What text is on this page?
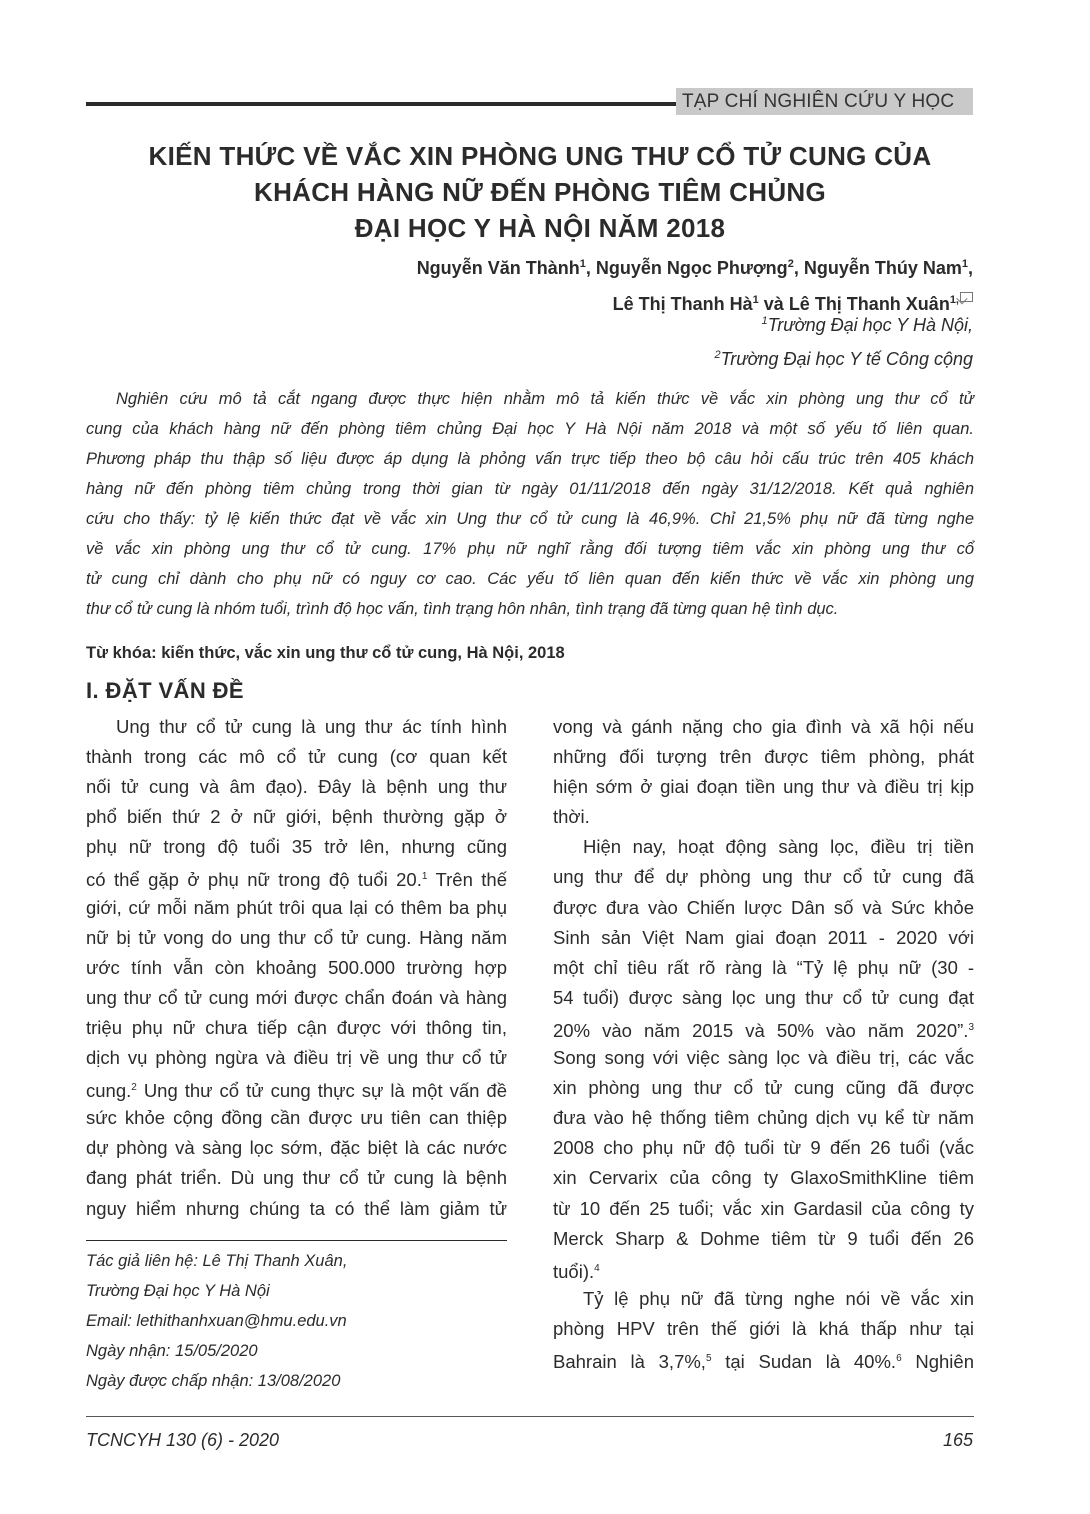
TẠP CHÍ NGHIÊN CỨU Y HỌC
KIẾN THỨC VỀ VẮC XIN PHÒNG UNG THƯ CỔ TỬ CUNG CỦA
KHÁCH HÀNG NỮ ĐẾN PHÒNG TIÊM CHỦNG
ĐẠI HỌC Y HÀ NỘI NĂM 2018
Nguyễn Văn Thành$^1$, Nguyễn Ngọc Phượng$^2$, Nguyễn Thúy Nam$^1$,
Lê Thị Thanh $Hà^1$ và Lê Thị Thanh Xuân$^{1,}$
$^1$Trường Đại học Y Hà Nội,
$^2$Trường Đại học Y tế Công cộng
Nghiên cứu mô tả cắt ngang được thực hiện nhằm mô tả kiến thức về vắc xin phòng ung thư cổ tử
cung của khách hàng nữ đến phòng tiêm chủng Đại học Y Hà Nội năm 2018 và một số yếu tố liên quan.
Phương pháp thu thập số liệu được áp dụng là phỏng vấn trực tiếp theo bộ câu hỏi cấu trúc trên 405 khách
hàng nữ đến phòng tiêm chủng trong thời gian từ ngày 01/11/2018 đến ngày 31/12/2018. Kết quả nghiên
cứu cho thấy: tỷ lệ kiến thức đạt về vắc xin Ung thư cổ tử cung là 46,9%. Chỉ 21,5% phụ nữ đã từng nghe
về vắc xin phòng ung thư cổ tử cung. 17% phụ nữ nghĩ rằng đối tượng tiêm vắc xin phòng ung thư cổ
tử cung chỉ dành cho phụ nữ có nguy cơ cao. Các yếu tố liên quan đến kiến thức về vắc xin phòng ung
thư cổ tử cung là nhóm tuổi, trình độ học vấn, tình trạng hôn nhân, tình trạng đã từng quan hệ tình dục.
Từ khóa: kiến thức, vắc xin ung thư cổ tử cung, Hà Nội, 2018
I. ĐẶT VẤN ĐỀ
Ung thư cổ tử cung là ung thư ác tính hình
thành trong các mô cổ tử cung (cơ quan kết
nối tử cung và âm đạo). Đây là bệnh ung thư
phổ biến thứ 2 ở nữ giới, bệnh thường gặp ở
phụ nữ trong độ tuổi 35 trở lên, nhưng cũng
có thể gặp ở phụ nữ trong độ tuổi 20.$^1$ Trên thế
giới, cứ mỗi năm phút trôi qua lại có thêm ba phụ
nữ bị tử vong do ung thư cổ tử cung. Hàng năm
ước tính vẫn còn khoảng 500.000 trường hợp
ung thư cổ tử cung mới được chẩn đoán và hàng
triệu phụ nữ chưa tiếp cận được với thông tin,
dịch vụ phòng ngừa và điều trị về ung thư cổ tử
cung.$^2$ Ung thư cổ tử cung thực sự là một vấn đề
sức khỏe cộng đồng cần được ưu tiên can thiệp
dự phòng và sàng lọc sớm, đặc biệt là các nước
đang phát triển. Dù ung thư cổ tử cung là bệnh
nguy hiểm nhưng chúng ta có thể làm giảm tử
Tác giả liên hệ: Lê Thị Thanh Xuân,
Trường Đại học Y Hà Nội
Email: lethithanhxuan@hmu.edu.vn
Ngày nhận: 15/05/2020
Ngày được chấp nhận: 13/08/2020
vong và gánh nặng cho gia đình và xã hội nếu
những đối tượng trên được tiêm phòng, phát
hiện sớm ở giai đoạn tiền ung thư và điều trị kịp
thời.
Hiện nay, hoạt động sàng lọc, điều trị tiền
ung thư để dự phòng ung thư cổ tử cung đã
được đưa vào Chiến lược Dân số và Sức khỏe
Sinh sản Việt Nam giai đoạn 2011 - 2020 với
một chỉ tiêu rất rõ ràng là “Tỷ lệ phụ nữ (30 -
54 tuổi) được sàng lọc ung thư cổ tử cung đạt
20% vào năm 2015 và 50% vào năm 2020”.$^3$
Song song với việc sàng lọc và điều trị, các vắc
xin phòng ung thư cổ tử cung cũng đã được
đưa vào hệ thống tiêm chủng dịch vụ kể từ năm
2008 cho phụ nữ độ tuổi từ 9 đến 26 tuổi (vắc
xin Cervarix của công ty GlaxoSmithKline tiêm
từ 10 đến 25 tuổi; vắc xin Gardasil của công ty
Merck Sharp & Dohme tiêm từ 9 tuổi đến 26
tuổi).$^4$
Tỷ lệ phụ nữ đã từng nghe nói về vắc xin
phòng HPV trên thế giới là khá thấp như tại
Bahrain là 3,7%,$^5$ tại Sudan là 40%.$^6$ Nghiên
TCNCYH 130 (6) - 2020	165
